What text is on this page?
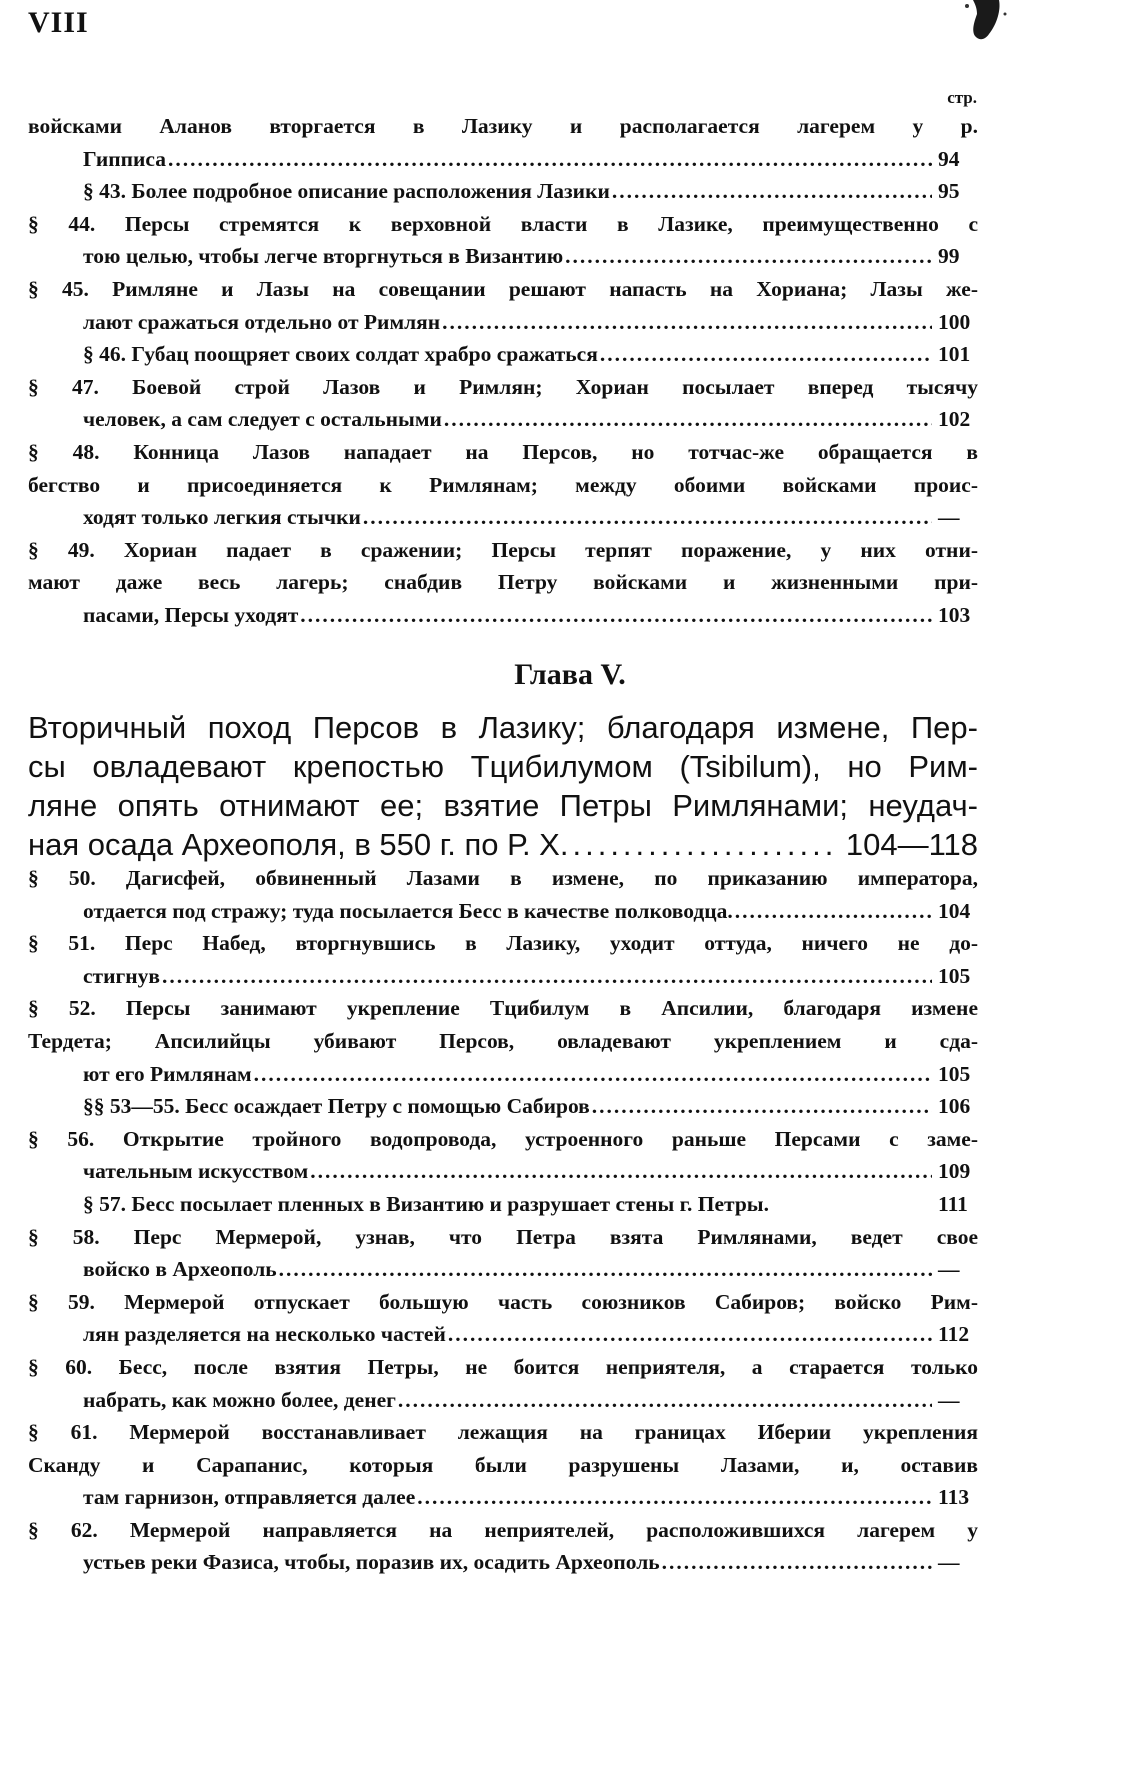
VIII
стр.
войсками Аланов вторгается в Лазику и располагается лагерем у р.
Гипписа .....	94
§ 43. Более подробное описание расположения Лазики .....	95
§ 44. Персы стремятся к верховной власти в Лазике, преимущественно с
тою целью, чтобы легче вторгнуться в Византию .....	99
§ 45. Римляне и Лазы на совещании решают напасть на Хориана; Лазы же-
лают сражаться отдельно от Римлян .....	100
§ 46. Губац поощряет своих солдат храбро сражаться .....	101
§ 47. Боевой строй Лазов и Римлян; Хориан посылает вперед тысячу
человек, а сам следует с остальными .....	102
§ 48. Конница Лазов нападает на Персов, но тотчас-же обращается в
бегство и присоединяется к Римлянам; между обоими войсками проис-
ходят только легкия стычки .....	—
§ 49. Хориан падает в сражении; Персы терпят поражение, у них отни-
мают даже весь лагерь; снабдив Петру войсками и жизненными при-
пасами, Персы уходят .....	103
Глава V.
Вторичный поход Персов в Лазику; благодаря измене, Пер-
сы овладевают крепостью Тцибилумом (Tsibilum), но Рим-
ляне опять отнимают ее; взятие Петры Римлянами; неудач-
ная осада Археополя, в 550 г. по Р. Х. .....	104—118
§ 50. Дагисфей, обвиненный Лазами в измене, по приказанию императора,
отдается под стражу; туда посылается Бесс в качестве полководца. .....	104
§ 51. Перс Набед, вторгнувшись в Лазику, уходит оттуда, ничего не до-
стигнув .....	105
§ 52. Персы занимают укрепление Тцибилум в Апсилии, благодаря измене
Тердета; Апсилийцы убивают Персов, овладевают укреплением и сда-
ют его Римлянам .....	105
§§ 53—55. Бесс осаждает Петру с помощью Сабиров .....	106
§ 56. Открытие тройного водопровода, устроенного раньше Персами с заме-
чательным искусством .....	109
§ 57. Бесс посылает пленных в Византию и разрушает стены г. Петры.	111
§ 58. Перс Мермерой, узнав, что Петра взята Римлянами, ведет свое
войско в Археополь .....	—
§ 59. Мермерой отпускает большую часть союзников Сабиров; войско Рим-
лян разделяется на несколько частей .....	112
§ 60. Бесс, после взятия Петры, не боится неприятеля, а старается только
набрать, как можно более, денег .....	—
§ 61. Мермерой восстанавливает лежащия на границах Иберии укрепления
Сканду и Сарапанис, которыя были разрушены Лазами, и, оставив
там гарнизон, отправляется далее .....	113
§ 62. Мермерой направляется на неприятелей, расположившихся лагерем у
устьев реки Фазиса, чтобы, поразив их, осадить Археополь .....	—
